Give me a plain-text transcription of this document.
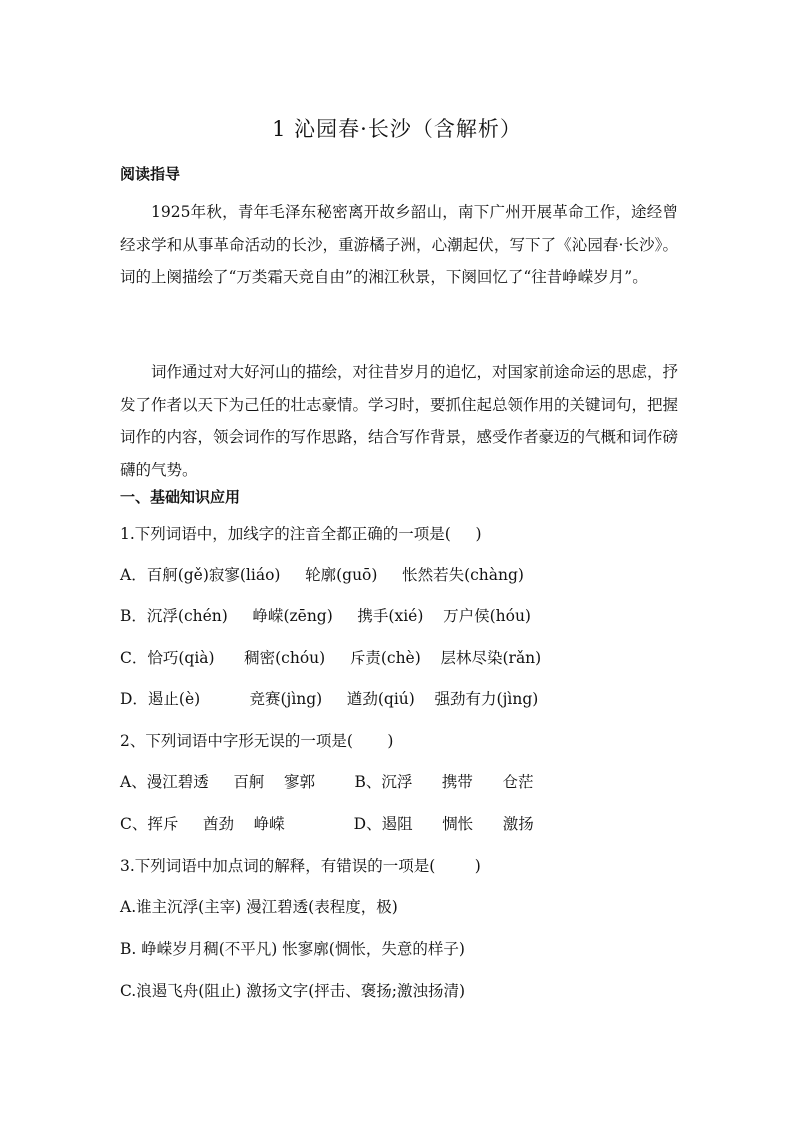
1 沁园春·长沙（含解析）
阅读指导
1925年秋，青年毛泽东秘密离开故乡韶山，南下广州开展革命工作，途经曾经求学和从事革命活动的长沙，重游橘子洲，心潮起伏，写下了《沁园春·长沙》。词的上阕描绘了“万类霜天竞自由”的湘江秋景，下阕回忆了“往昔峥嵘岁月”。
词作通过对大好河山的描绘，对往昔岁月的追忆，对国家前途命运的思虑，抒发了作者以天下为己任的壮志豪情。学习时，要抓住起总领作用的关键词句，把握词作的内容，领会词作的写作思路，结合写作背景，感受作者豪迈的气概和词作磅礴的气势。
一、基础知识应用
1.下列词语中，加线字的注音全都正确的一项是(     )
A．百舸(gě)寂寥(liáo)     轮廓(guō)     怅然若失(chàng)
B．沉浮(chén)     峥嵘(zēng)     携手(xié)    万户侯(hóu)
C．恰巧(qià)      稠密(chóu)     斥责(chè)    层林尽染(rǎn)
D．遏止(è)          竞赛(jìng)     遒劲(qiú)    强劲有力(jìng)
2、下列词语中字形无误的一项是(       )
A、漫江碧透     百舸    寥郭        B、沉浮      携带      仓茫
C、挥斥     酋劲    峥嵘              D、遏阻      惆怅      激扬
3.下列词语中加点词的解释，有错误的一项是(        )
A.谁主沉浮(主宰) 漫江碧透(表程度，极)
B. 峥嵘岁月稠(不平凡) 怅寥廓(惆怅，失意的样子)
C.浪遏飞舟(阻止) 激扬文字(抨击、褒扬;激浊扬清)
